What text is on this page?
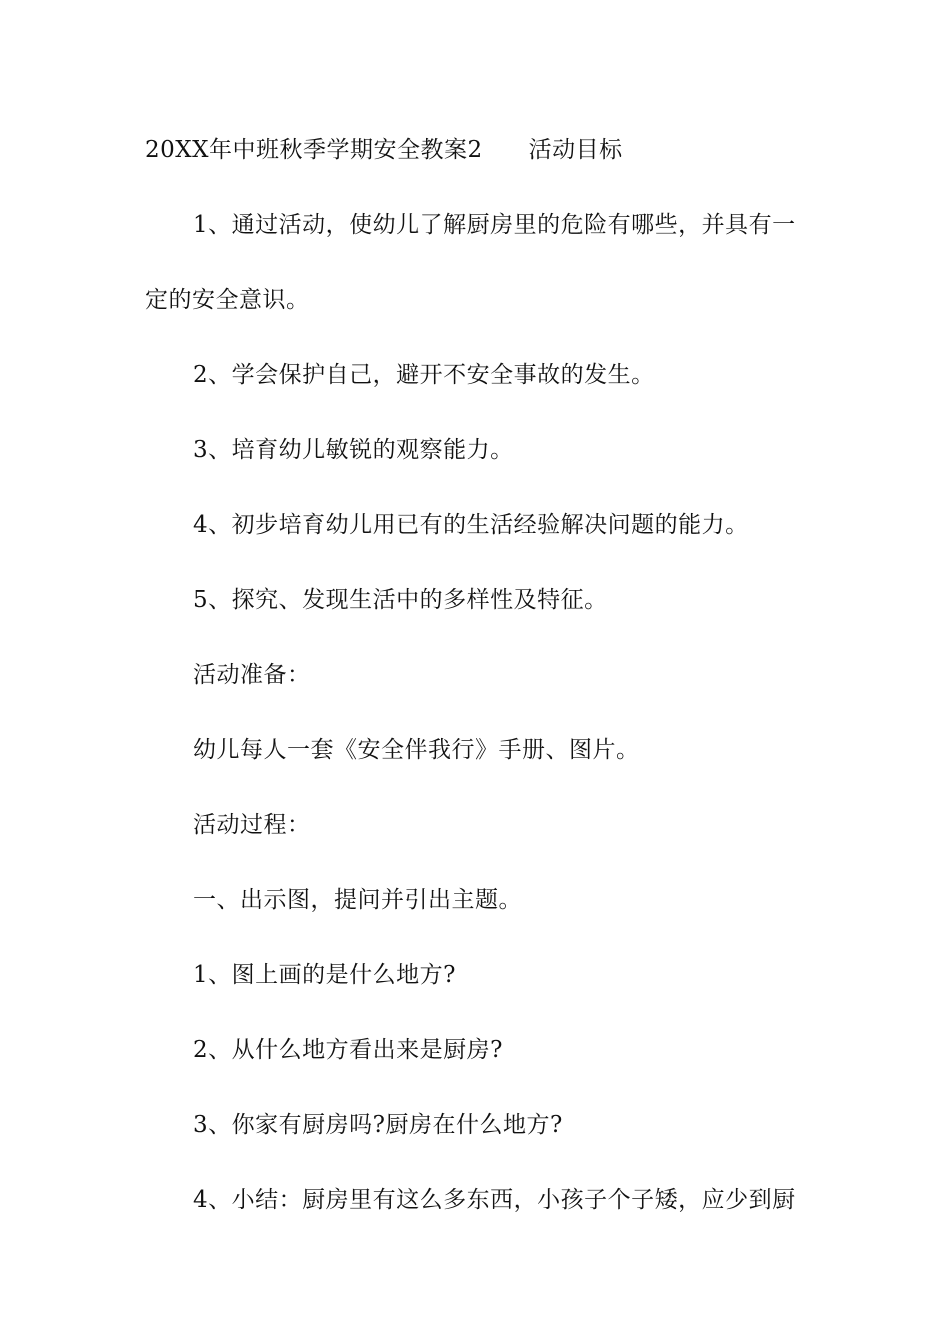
20XX年中班秋季学期安全教案2 活动目标
1、通过活动，使幼儿了解厨房里的危险有哪些，并具有一
定的安全意识。
2、学会保护自己，避开不安全事故的发生。
3、培育幼儿敏锐的观察能力。
4、初步培育幼儿用已有的生活经验解决问题的能力。
5、探究、发现生活中的多样性及特征。
活动准备：
幼儿每人一套《安全伴我行》手册、图片。
活动过程：
一、出示图，提问并引出主题。
1、图上画的是什么地方?
2、从什么地方看出来是厨房?
3、你家有厨房吗?厨房在什么地方?
4、小结：厨房里有这么多东西，小孩子个子矮，应少到厨
